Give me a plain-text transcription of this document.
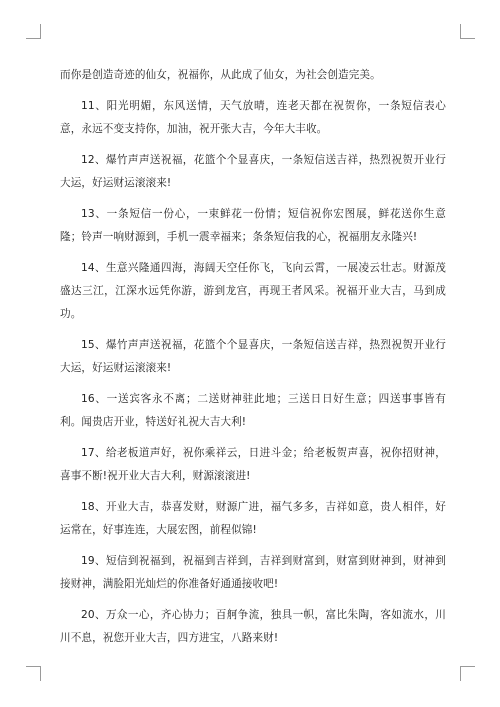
而你是创造奇迹的仙女，祝福你，从此成了仙女，为社会创造完美。

11、阳光明媚，东风送情，天气放晴，连老天都在祝贺你，一条短信表心意，永远不变支持你，加油，祝开张大吉，今年大丰收。

12、爆竹声声送祝福，花篮个个显喜庆，一条短信送吉祥，热烈祝贺开业行大运，好运财运滚滚来!

13、一条短信一份心，一束鲜花一份情；短信祝你宏图展，鲜花送你生意隆；铃声一响财源到，手机一震幸福来；条条短信我的心，祝福朋友永隆兴!

14、生意兴隆通四海，海阔天空任你飞，飞向云霄，一展凌云壮志。财源茂盛达三江，江深水远凭你游，游到龙宫，再现王者风采。祝福开业大吉，马到成功。

15、爆竹声声送祝福，花篮个个显喜庆，一条短信送吉祥，热烈祝贺开业行大运，好运财运滚滚来!

16、一送宾客永不离；二送财神驻此地；三送日日好生意；四送事事皆有利。闻贵店开业，特送好礼祝大吉大利!

17、给老板道声好，祝你乘祥云，日进斗金；给老板贺声喜，祝你招财神，喜事不断!祝开业大吉大利，财源滚滚进!

18、开业大吉，恭喜发财，财源广进，福气多多，吉祥如意，贵人相伴，好运常在，好事连连，大展宏图，前程似锦!

19、短信到祝福到，祝福到吉祥到，吉祥到财富到，财富到财神到，财神到接财神，满脸阳光灿烂的你准备好通通接收吧!

20、万众一心，齐心协力；百舸争流，独具一帜，富比朱陶，客如流水，川川不息，祝您开业大吉，四方进宝，八路来财!
